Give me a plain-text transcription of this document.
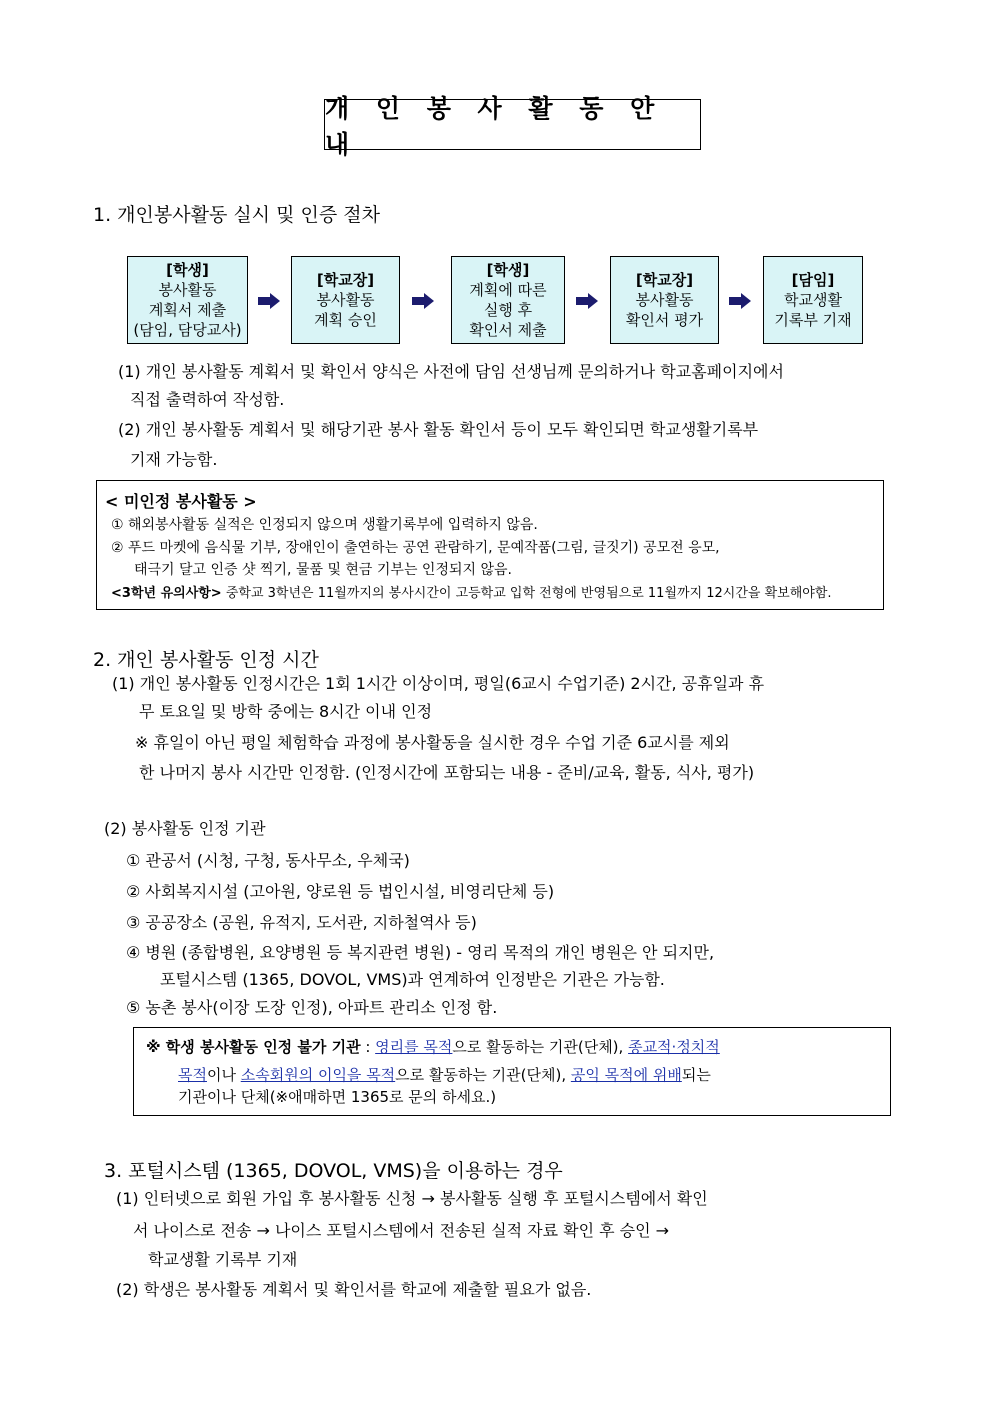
개 인 봉 사 활 동 안 내
1. 개인봉사활동 실시 및 인증 절차
[학생]
봉사활동
계획서 제출
(담임, 담당교사)
[학교장]
봉사활동
계획 승인
[학생]
계획에 따른
실행 후
확인서 제출
[학교장]
봉사활동
확인서 평가
[담임]
학교생활
기록부 기재
(1) 개인 봉사활동 계획서 및 확인서 양식은 사전에 담임 선생님께 문의하거나 학교홈페이지에서
직접 출력하여 작성함.
(2) 개인 봉사활동 계획서 및 해당기관 봉사 활동 확인서 등이 모두 확인되면 학교생활기록부
기재 가능함.
< 미인정 봉사활동 >
① 해외봉사활동 실적은 인정되지 않으며 생활기록부에 입력하지 않음.
② 푸드 마켓에 음식물 기부, 장애인이 출연하는 공연 관람하기, 문예작품(그림, 글짓기) 공모전 응모,
태극기 달고 인증 샷 찍기, 물품 및 현금 기부는 인정되지 않음.
<3학년 유의사항> 중학교 3학년은 11월까지의 봉사시간이 고등학교 입학 전형에 반영됨으로 11월까지 12시간을 확보해야함.
2. 개인 봉사활동 인정 시간
(1) 개인 봉사활동 인정시간은 1회 1시간 이상이며, 평일(6교시 수업기준) 2시간, 공휴일과 휴
무 토요일 및 방학 중에는 8시간 이내 인정
※ 휴일이 아닌 평일 체험학습 과정에 봉사활동을 실시한 경우 수업 기준 6교시를 제외
한 나머지 봉사 시간만 인정함. (인정시간에 포함되는 내용 - 준비/교육, 활동, 식사, 평가)
(2) 봉사활동 인정 기관
① 관공서 (시청, 구청, 동사무소, 우체국)
② 사회복지시설 (고아원, 양로원 등 법인시설, 비영리단체 등)
③ 공공장소 (공원, 유적지, 도서관, 지하철역사 등)
④ 병원 (종합병원, 요양병원 등 복지관련 병원) - 영리 목적의 개인 병원은 안 되지만,
포털시스템 (1365, DOVOL, VMS)과 연계하여 인정받은 기관은 가능함.
⑤ 농촌 봉사(이장 도장 인정), 아파트 관리소 인정 함.
※ 학생 봉사활동 인정 불가 기관 : 영리를 목적으로 활동하는 기관(단체), 종교적·정치적
목적이나 소속회원의 이익을 목적으로 활동하는 기관(단체), 공익 목적에 위배되는
기관이나 단체(※애매하면 1365로 문의 하세요.)
3. 포털시스템 (1365, DOVOL, VMS)을 이용하는 경우
(1) 인터넷으로 회원 가입 후 봉사활동 신청 → 봉사활동 실행 후 포털시스템에서 확인
서 나이스로 전송 → 나이스 포털시스템에서 전송된 실적 자료 확인 후 승인 →
학교생활 기록부 기재
(2) 학생은 봉사활동 계획서 및 확인서를 학교에 제출할 필요가 없음.
